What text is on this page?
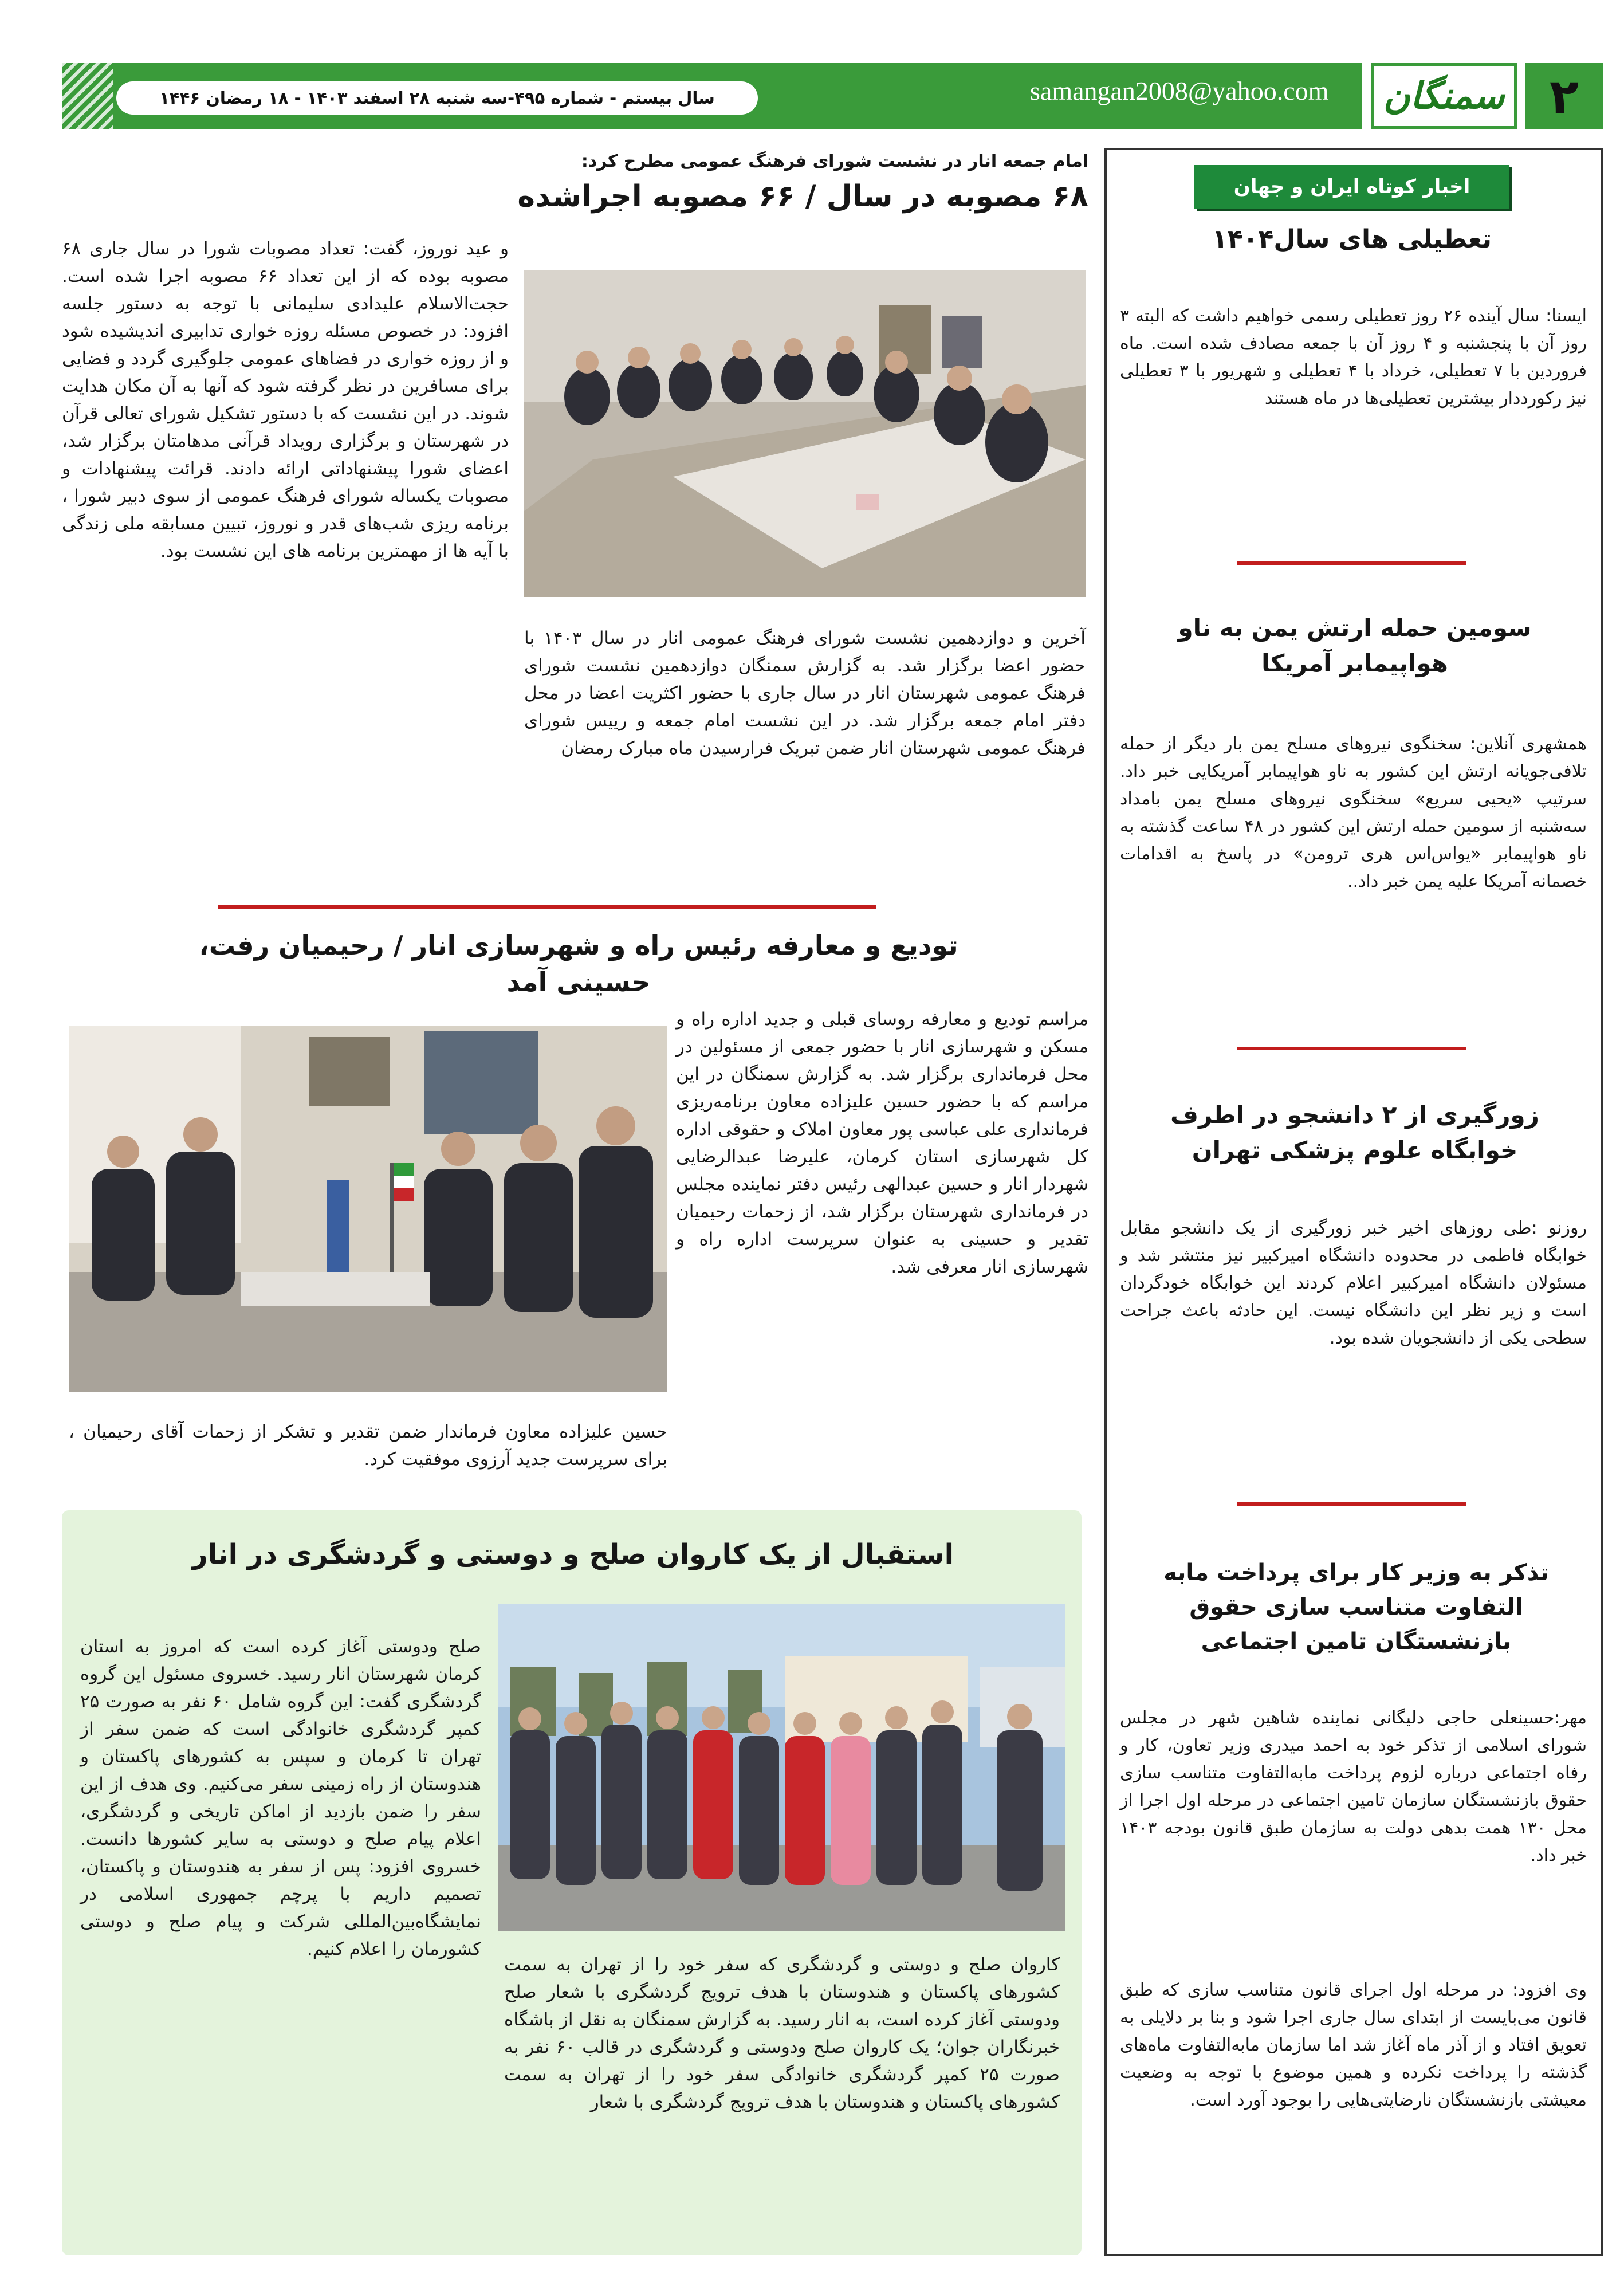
سال بیستم - شماره ۴۹۵-سه شنبه ۲۸ اسفند ۱۴۰۳ - ۱۸ رمضان ۱۴۴۶	samangan2008@yahoo.com	سمنگان ۲
اخبار کوتاه ایران و جهان
تعطیلی های سال۱۴۰۴

ایسنا: سال آینده ۲۶ روز تعطیلی رسمی خواهیم داشت که البته ۳ روز آن با پنجشنبه و ۴ روز آن با جمعه مصادف شده است. ماه فروردین با ۷ تعطیلی، خرداد با ۴ تعطیلی و شهریور با ۳ تعطیلی نیز رکورددار بیشترین تعطیلی‌ها در ماه هستند

سومین حمله ارتش یمن به ناو هواپیمابر آمریکا

همشهری آنلاین: سخنگوی نیروهای مسلح یمن بار دیگر از حمله تلافی‌جویانه ارتش این کشور به ناو هواپیمابر آمریکایی خبر داد. سرتیپ «یحیی سریع» سخنگوی نیروهای مسلح یمن بامداد سه‌شنبه از سومین حمله ارتش این کشور در ۴۸ ساعت گذشته به ناو هواپیمابر «یواس‌اس هری ترومن» در پاسخ به اقدامات خصمانه آمریکا علیه یمن خبر داد..

زورگیری از ۲ دانشجو در اطرف خوابگاه علوم پزشکی تهران

روزنو :طی روزهای اخیر خبر زورگیری از یک دانشجو مقابل خوابگاه فاطمی در محدوده دانشگاه امیرکبیر نیز منتشر شد و مسئولان دانشگاه امیرکبیر اعلام کردند این خوابگاه خودگردان است و زیر نظر این دانشگاه نیست. این حادثه باعث جراحت سطحی یکی از دانشجویان شده بود.

تذکر به وزیر کار برای پرداخت مابه التفاوت متناسب سازی حقوق بازنشستگان تامین اجتماعی

مهر:حسینعلی حاجی دلیگانی نماینده شاهین شهر در مجلس شورای اسلامی از تذکر خود به احمد میدری وزیر تعاون، کار و رفاه اجتماعی درباره لزوم پرداخت مابه‌التفاوت متناسب سازی حقوق بازنشستگان سازمان تامین اجتماعی در مرحله اول اجرا از محل ۱۳۰ همت بدهی دولت به سازمان طبق قانون بودجه ۱۴۰۳ خبر داد.

وی افزود: در مرحله اول اجرای قانون متناسب سازی که طبق قانون می‌بایست از ابتدای سال جاری اجرا شود و بنا بر دلایلی به تعویق افتاد و از آذر ماه آغاز شد اما سازمان مابه‌التفاوت ماه‌های گذشته را پرداخت نکرده و همین موضوع با توجه به وضعیت معیشتی بازنشستگان نارضایتی‌هایی را بوجود آورد است.

امام جمعه انار در نشست شورای فرهنگ عمومی مطرح کرد:

۶۸ مصوبه در سال / ۶۶ مصوبه اجراشده

آخرین و دوازدهمین نشست شورای فرهنگ عمومی انار در سال ۱۴۰۳ با حضور اعضا برگزار شد. به گزارش سمنگان دوازدهمین نشست شورای فرهنگ عمومی شهرستان انار در سال جاری با حضور اکثریت اعضا در محل دفتر امام جمعه برگزار شد. در این نشست امام جمعه و رییس شورای فرهنگ عمومی شهرستان انار ضمن تبریک فرارسیدن ماه مبارک رمضان

و عید نوروز، گفت: تعداد مصوبات شورا در سال جاری ۶۸ مصوبه بوده که از این تعداد ۶۶ مصوبه اجرا شده است. حجت‌الاسلام علیدادی سلیمانی با توجه به دستور جلسه افزود: در خصوص مسئله روزه خواری تدابیری اندیشیده شود و از روزه خواری در فضاهای عمومی جلوگیری گردد و فضایی برای مسافرین در نظر گرفته شود که آنها به آن مکان هدایت شوند. در این نشست که با دستور تشکیل شورای تعالی قرآن در شهرستان و برگزاری رویداد قرآنی مدهامتان برگزار شد، اعضای شورا پیشنهاداتی ارائه دادند. قرائت پیشنهادات و مصوبات یکساله شورای فرهنگ عمومی از سوی دبیر شورا ، برنامه ریزی شب‌های قدر و نوروز، تبیین مسابقه ملی زندگی با آیه ها از مهمترین برنامه های این نشست بود.

تودیع و معارفه رئیس راه و شهرسازی انار / رحیمیان رفت، حسینی آمد

مراسم تودیع و معارفه روسای قبلی و جدید اداره راه و مسکن و شهرسازی انار با حضور جمعی از مسئولین در محل فرمانداری برگزار شد. به گزارش سمنگان در این مراسم که با حضور حسین علیزاده معاون برنامه‌ریزی فرمانداری علی عباسی پور معاون املاک و حقوقی اداره کل شهرسازی استان کرمان، علیرضا عبدالرضایی شهردار انار و حسین عبدالهی رئیس دفتر نماینده مجلس در فرمانداری شهرستان برگزار شد، از زحمات رحیمیان تقدیر و حسینی به عنوان سرپرست اداره راه و شهرسازی انار معرفی شد.

حسین علیزاده معاون فرماندار ضمن تقدیر و تشکر از زحمات آقای رحیمیان ، برای سرپرست جدید آرزوی موفقیت کرد.

استقبال از یک کاروان صلح و دوستی و گردشگری در انار

کاروان صلح و دوستی و گردشگری که سفر خود را از تهران به سمت کشورهای پاکستان و هندوستان با هدف ترویج گردشگری با شعار صلح ودوستی آغاز کرده است، به انار رسید. به گزارش سمنگان به نقل از باشگاه خبرنگاران جوان؛ یک کاروان صلح ودوستی و گردشگری در قالب ۶۰ نفر به صورت ۲۵ کمپر گردشگری خانوادگی سفر خود را از تهران به سمت کشورهای پاکستان و هندوستان با هدف ترویج گردشگری با شعار

صلح ودوستی آغاز کرده است که امروز به استان کرمان شهرستان انار رسید. خسروی مسئول این گروه گردشگری گفت: این گروه شامل ۶۰ نفر به صورت ۲۵ کمپر گردشگری خانوادگی است که ضمن سفر از تهران تا کرمان و سپس به کشورهای پاکستان و هندوستان از راه زمینی سفر می‌کنیم. وی هدف از این سفر را ضمن بازدید از اماکن تاریخی و گردشگری، اعلام پیام صلح و دوستی به سایر کشورها دانست. خسروی افزود: پس از سفر به هندوستان و پاکستان، تصمیم داریم با پرچم جمهوری اسلامی در نمایشگاه‌بین‌المللی شرکت و پیام صلح و دوستی کشورمان را اعلام کنیم.
